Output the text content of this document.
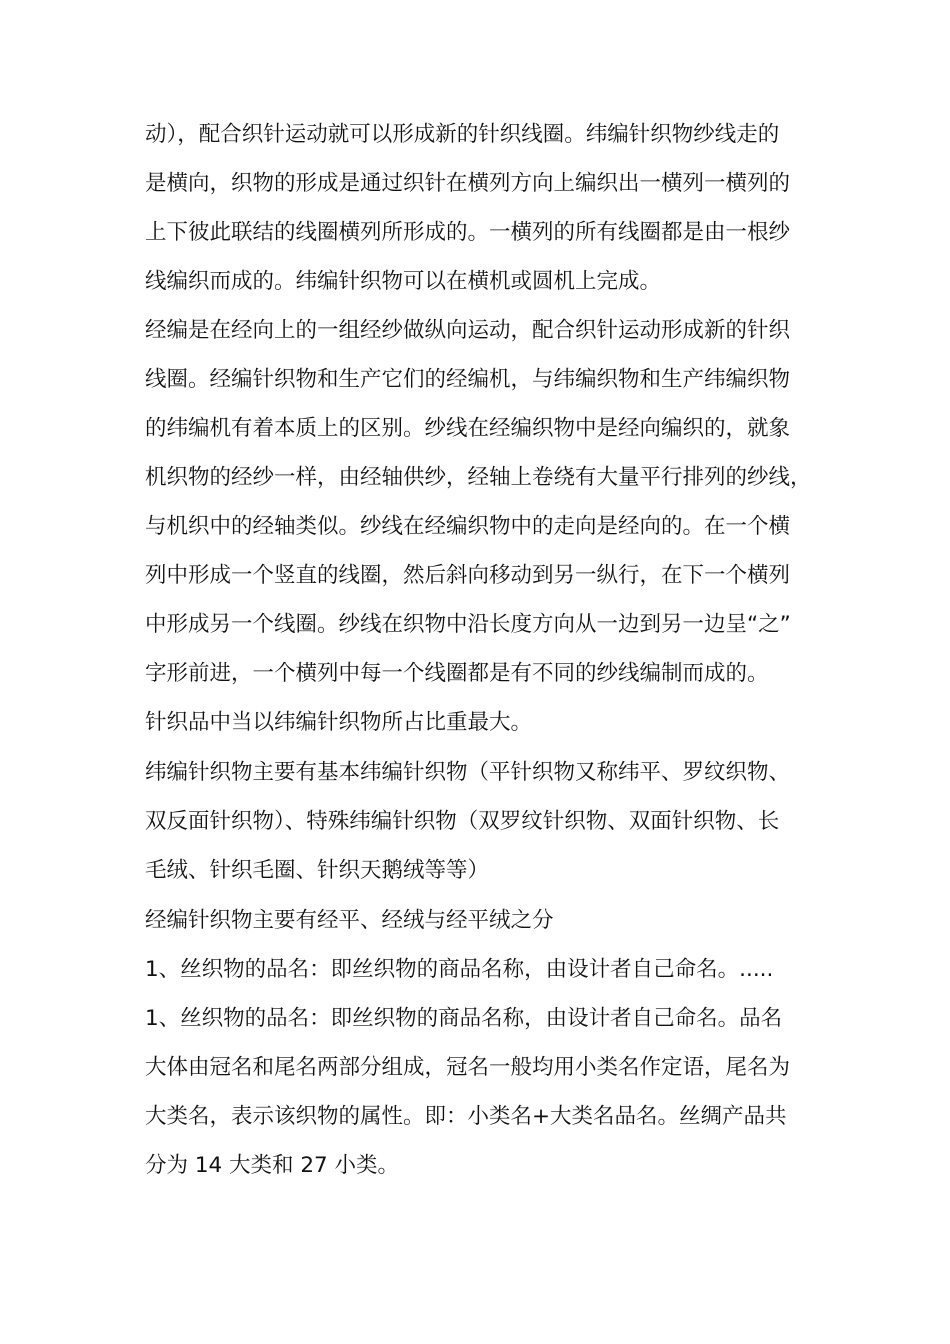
动），配合织针运动就可以形成新的针织线圈。纬编针织物纱线走的
是横向，织物的形成是通过织针在横列方向上编织出一横列一横列的
上下彼此联结的线圈横列所形成的。一横列的所有线圈都是由一根纱
线编织而成的。纬编针织物可以在横机或圆机上完成。
经编是在经向上的一组经纱做纵向运动，配合织针运动形成新的针织
线圈。经编针织物和生产它们的经编机，与纬编织物和生产纬编织物
的纬编机有着本质上的区别。纱线在经编织物中是经向编织的，就象
机织物的经纱一样，由经轴供纱，经轴上卷绕有大量平行排列的纱线，
与机织中的经轴类似。纱线在经编织物中的走向是经向的。在一个横
列中形成一个竖直的线圈，然后斜向移动到另一纵行，在下一个横列
中形成另一个线圈。纱线在织物中沿长度方向从一边到另一边呈“之”
字形前进，一个横列中每一个线圈都是有不同的纱线编制而成的。
针织品中当以纬编针织物所占比重最大。
纬编针织物主要有基本纬编针织物（平针织物又称纬平、罗纹织物、
双反面针织物）、特殊纬编针织物（双罗纹针织物、双面针织物、长
毛绒、针织毛圈、针织天鹅绒等等）
经编针织物主要有经平、经绒与经平绒之分
1、丝织物的品名：即丝织物的商品名称，由设计者自己命名。.....
1、丝织物的品名：即丝织物的商品名称，由设计者自己命名。品名
大体由冠名和尾名两部分组成，冠名一般均用小类名作定语，尾名为
大类名，表示该织物的属性。即：小类名+大类名品名。丝绸产品共
分为 14 大类和 27 小类。
